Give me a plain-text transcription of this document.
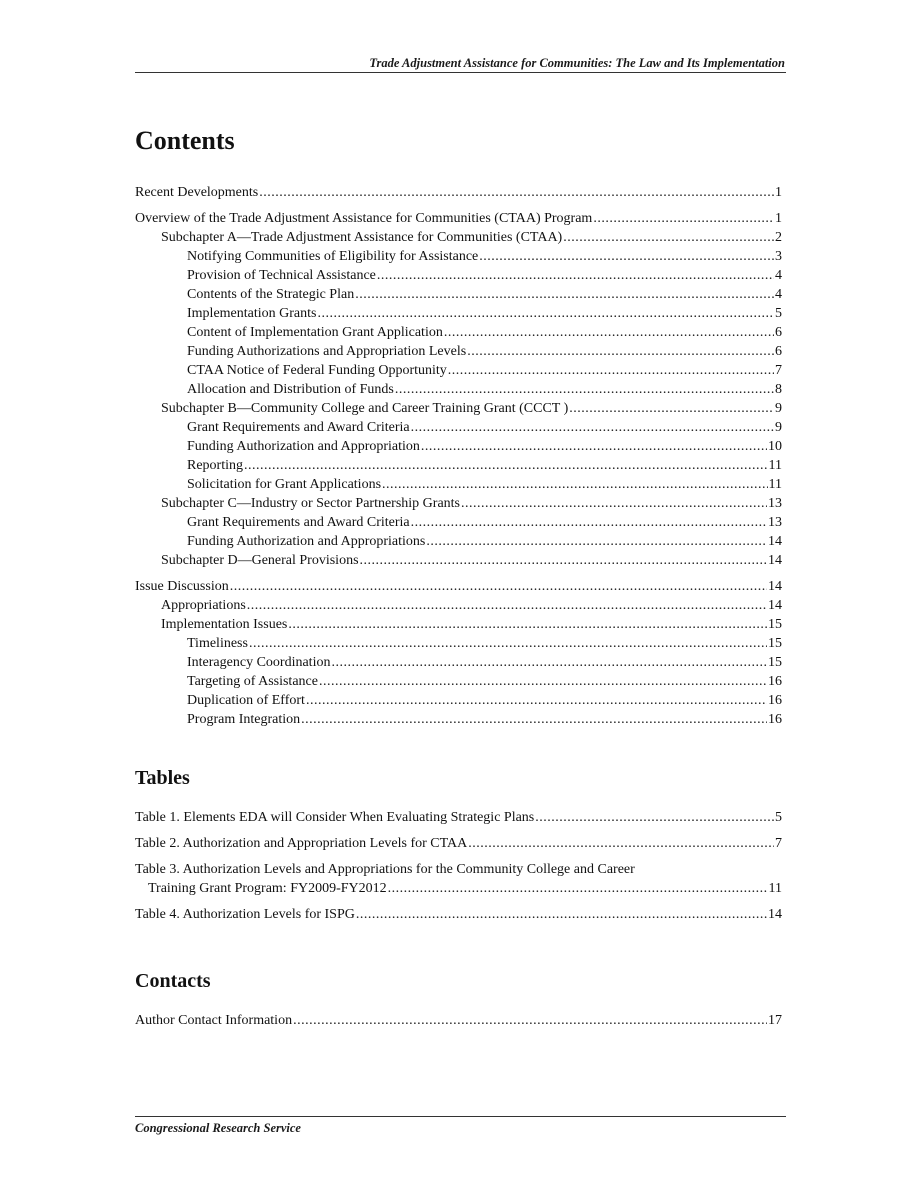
Trade Adjustment Assistance for Communities: The Law and Its Implementation
Contents
Recent Developments .....	1
Overview of the Trade Adjustment Assistance for Communities (CTAA) Program .....	1
Subchapter A—Trade Adjustment Assistance for Communities (CTAA) .....	2
Notifying Communities of Eligibility for Assistance .....	3
Provision of Technical Assistance .....	4
Contents of the Strategic Plan .....	4
Implementation Grants .....	5
Content of Implementation Grant Application .....	6
Funding Authorizations and Appropriation Levels .....	6
CTAA Notice of Federal Funding Opportunity .....	7
Allocation and Distribution of Funds .....	8
Subchapter B—Community College and Career Training Grant (CCCT ) .....	9
Grant Requirements and Award Criteria .....	9
Funding Authorization and Appropriation .....	10
Reporting .....	11
Solicitation for Grant Applications .....	11
Subchapter C—Industry or Sector Partnership Grants .....	13
Grant Requirements and Award Criteria .....	13
Funding Authorization and Appropriations .....	14
Subchapter D—General Provisions .....	14
Issue Discussion .....	14
Appropriations .....	14
Implementation Issues .....	15
Timeliness .....	15
Interagency Coordination .....	15
Targeting of Assistance .....	16
Duplication of Effort .....	16
Program Integration .....	16
Tables
Table 1. Elements EDA will Consider When Evaluating Strategic Plans .....	5
Table 2. Authorization and Appropriation Levels for CTAA .....	7
Table 3. Authorization Levels and Appropriations for the Community College and Career
Training Grant Program: FY2009-FY2012 .....	11
Table 4. Authorization Levels for ISPG .....	14
Contacts
Author Contact Information .....	17
Congressional Research Service
